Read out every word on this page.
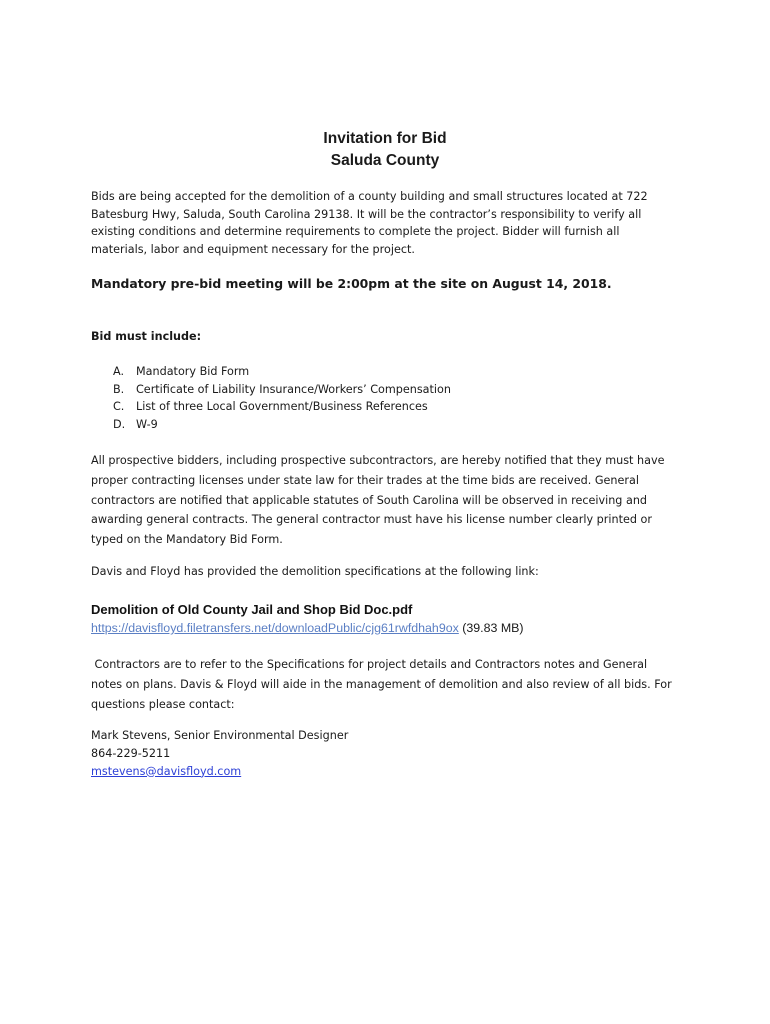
Invitation for Bid
Saluda County
Bids are being accepted for the demolition of a county building and small structures located at 722
Batesburg Hwy, Saluda, South Carolina 29138. It will be the contractor’s responsibility to verify all
existing conditions and determine requirements to complete the project. Bidder will furnish all
materials, labor and equipment necessary for the project.
Mandatory pre-bid meeting will be 2:00pm at the site on August 14, 2018.
Bid must include:
A.	Mandatory Bid Form
B.	Certificate of Liability Insurance/Workers’ Compensation
C.	List of three Local Government/Business References
D. W-9
All prospective bidders, including prospective subcontractors, are hereby notified that they must have
proper contracting licenses under state law for their trades at the time bids are received. General
contractors are notified that applicable statutes of South Carolina will be observed in receiving and
awarding general contracts. The general contractor must have his license number clearly printed or
typed on the Mandatory Bid Form.
Davis and Floyd has provided the demolition specifications at the following link:
Demolition of Old County Jail and Shop Bid Doc.pdf
https://davisfloyd.filetransfers.net/downloadPublic/cjg61rwfdhah9ox (39.83 MB)
Contractors are to refer to the Specifications for project details and Contractors notes and General
notes on plans. Davis & Floyd will aide in the management of demolition and also review of all bids. For
questions please contact:
Mark Stevens, Senior Environmental Designer
864-229-5211
mstevens@davisfloyd.com
